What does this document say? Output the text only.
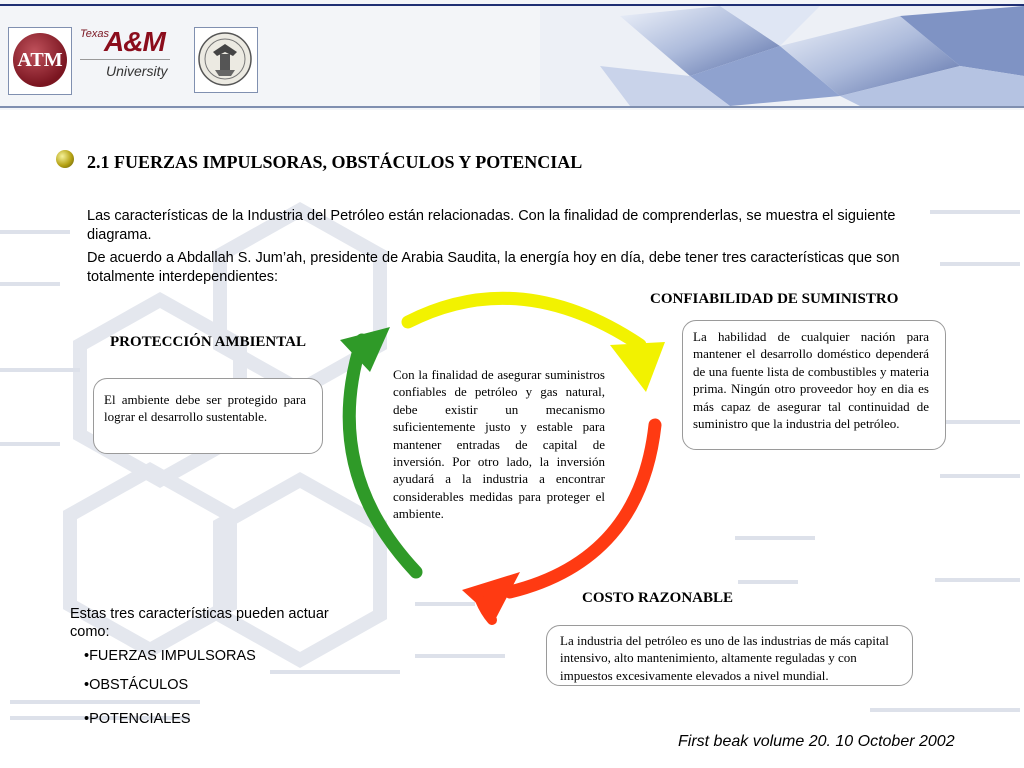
ATM
Texas
A&M
University
2.1 FUERZAS IMPULSORAS, OBSTÁCULOS Y POTENCIAL
Las características de la Industria del Petróleo están relacionadas. Con la finalidad de comprenderlas, se muestra el siguiente diagrama.
De acuerdo a Abdallah S. Jum’ah, presidente de Arabia Saudita, la energía hoy en día, debe tener tres características que son totalmente interdependientes:
CONFIABILIDAD DE SUMINISTRO
La habilidad de cualquier nación para mantener el desarrollo doméstico dependerá de una fuente lista de combustibles y materia prima. Ningún otro proveedor hoy en dia es más capaz de asegurar tal continuidad de suministro que la industria del petróleo.
PROTECCIÓN AMBIENTAL
El ambiente debe ser protegido para lograr el desarrollo sustentable.
Con la finalidad de asegurar suministros confiables de petróleo y gas natural, debe existir un mecanismo suficientemente justo y estable para mantener entradas de capital de inversión. Por otro lado, la inversión ayudará a la industria a encontrar considerables medidas para proteger el ambiente.
COSTO RAZONABLE
La industria del petróleo es uno de las industrias de más capital intensivo, alto mantenimiento, altamente reguladas y con impuestos excesivamente elevados a nivel mundial.
Estas tres características pueden actuar como:
•FUERZAS IMPULSORAS
•OBSTÁCULOS
•POTENCIALES
First beak volume 20. 10 October 2002
